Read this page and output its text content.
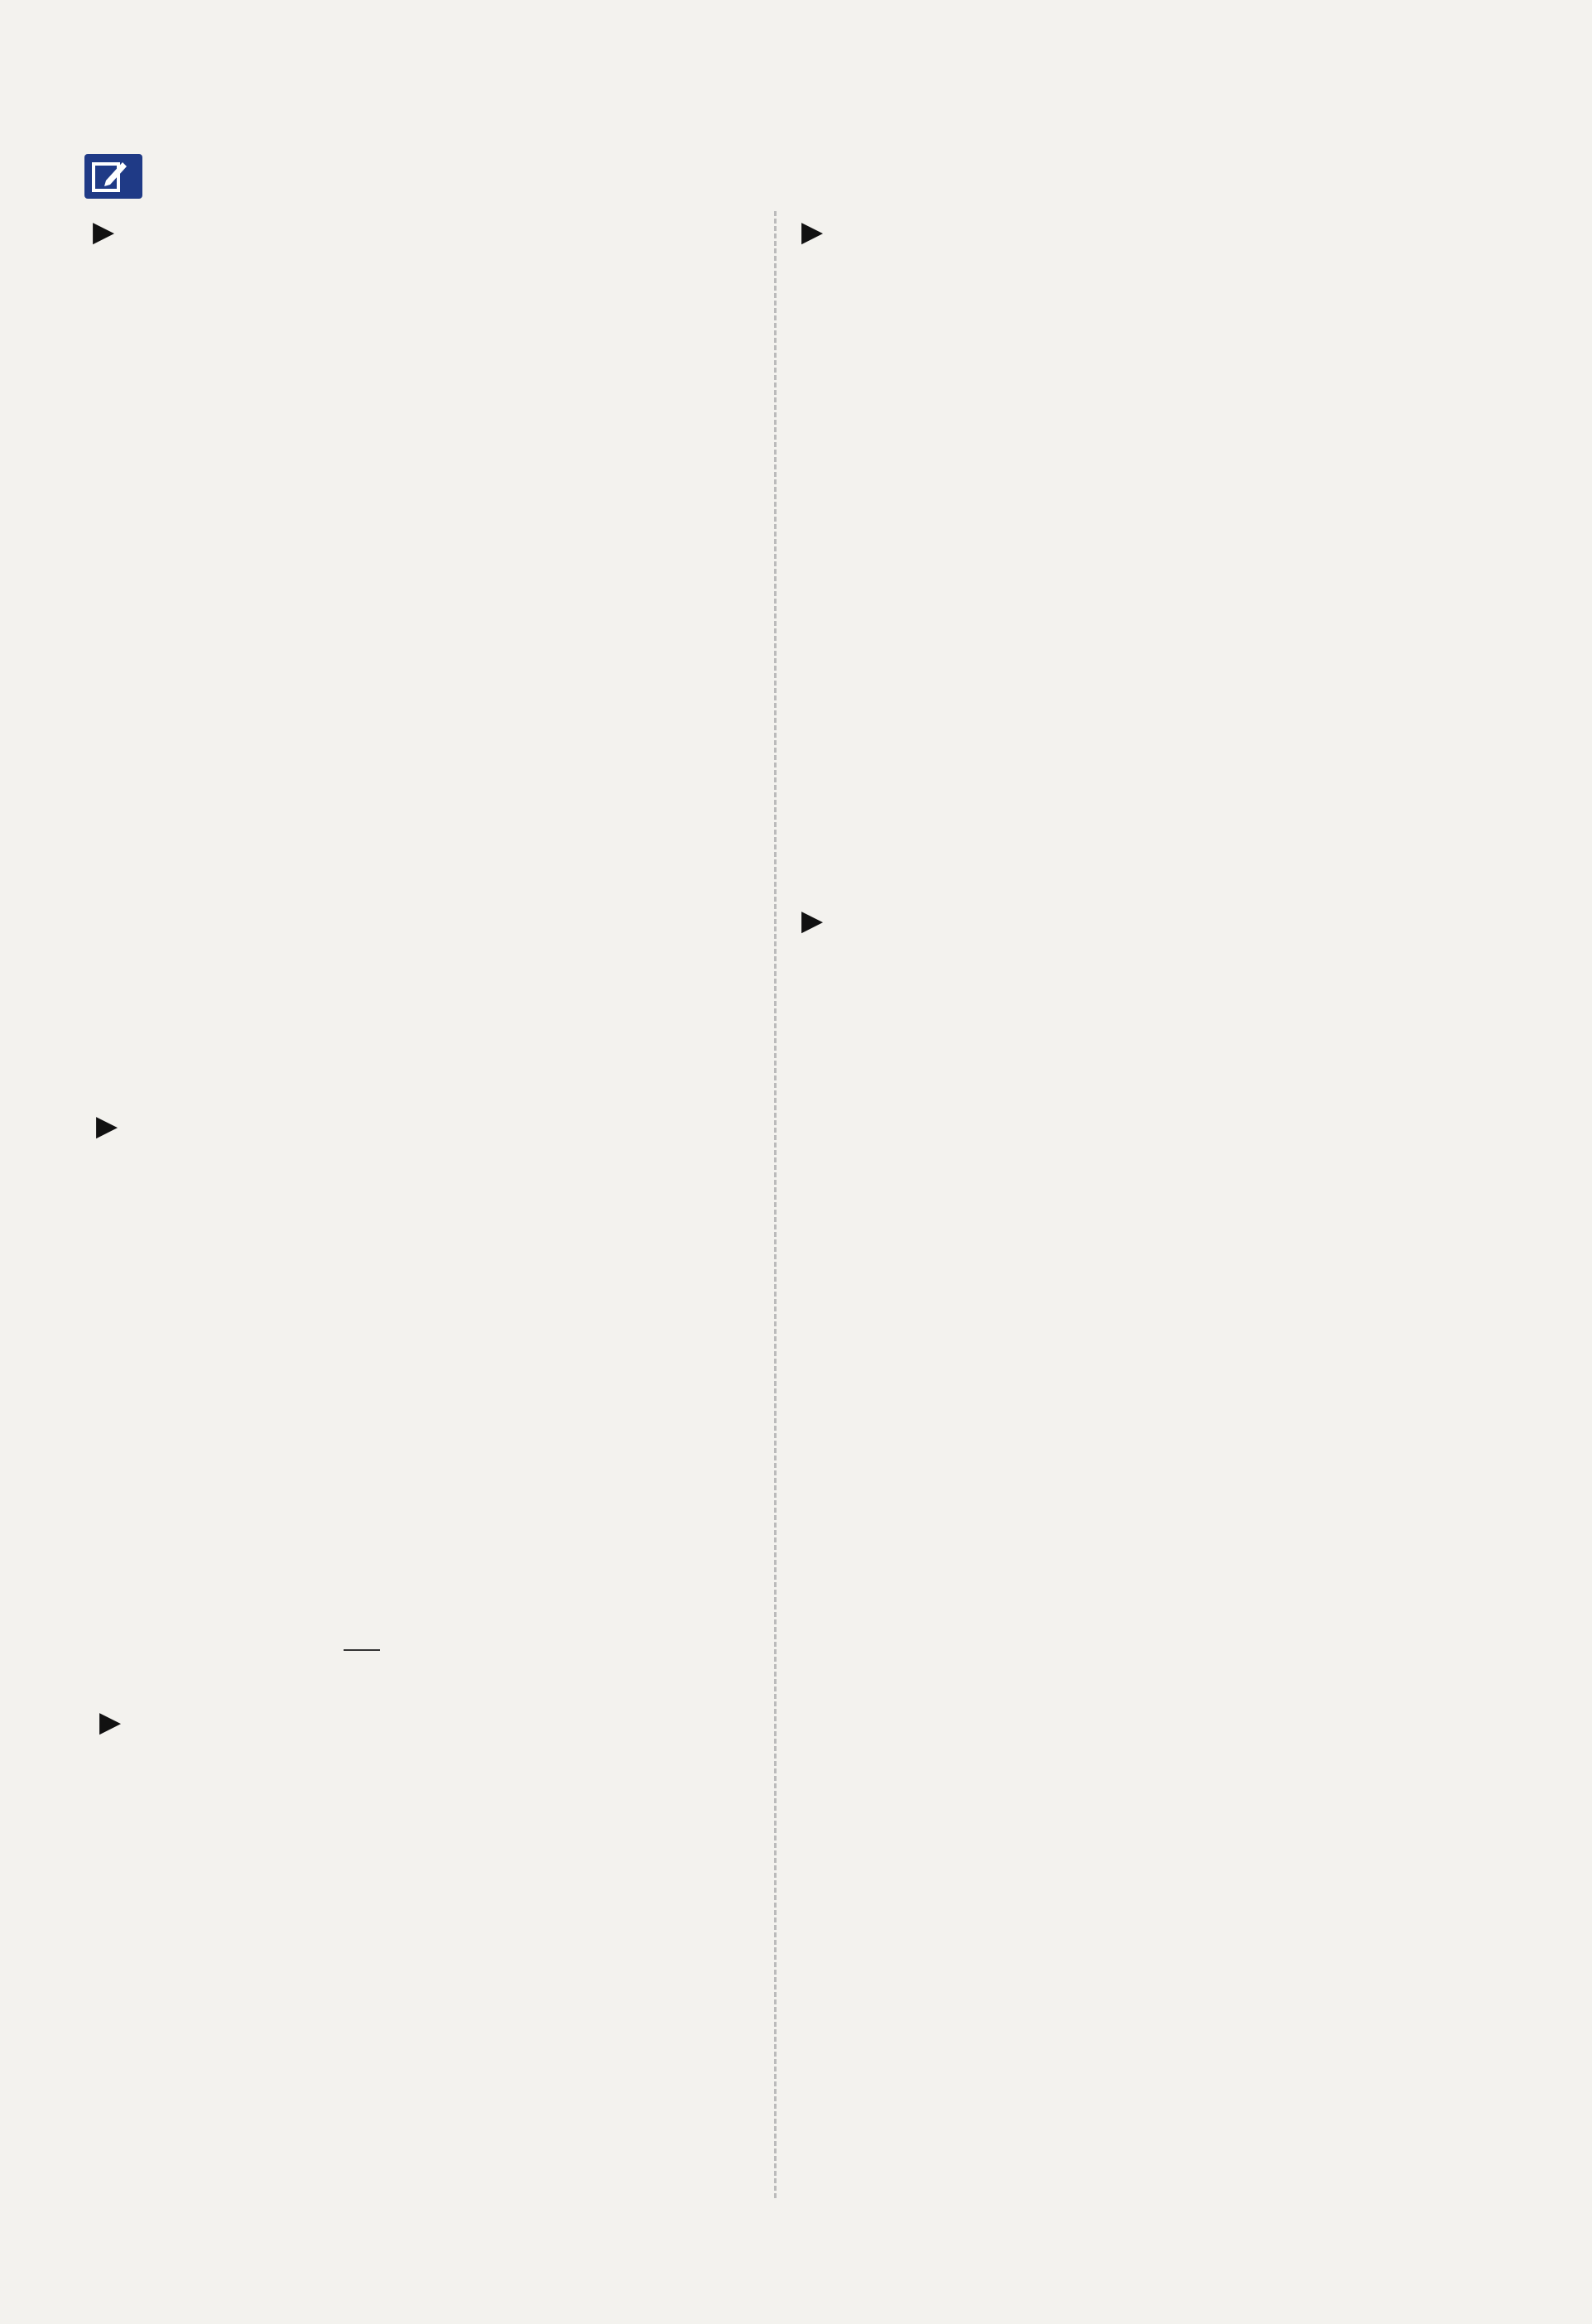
▶
▶
▶
▶
▶
